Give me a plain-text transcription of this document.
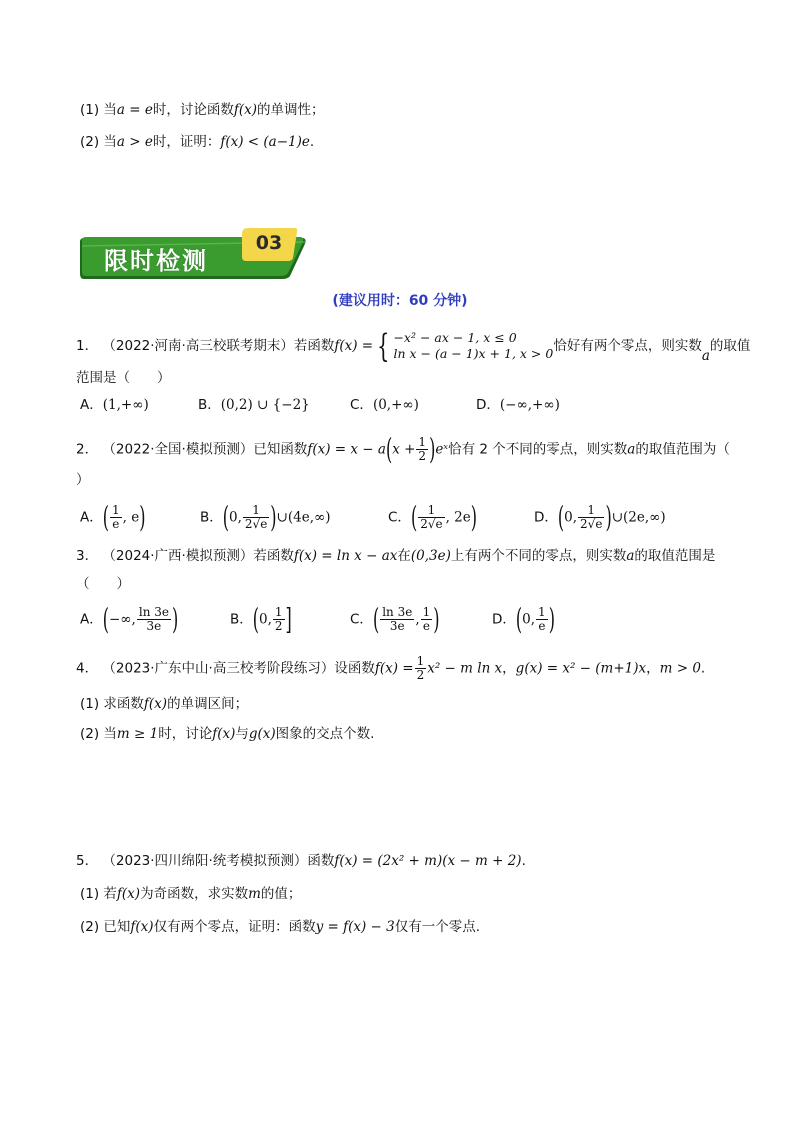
(1) 当a = e时，讨论函数f(x)的单调性；
(2) 当a > e时，证明：f(x) < (a−1)e.
限时检测
03
(建议用时：60 分钟)
1． （2022·河南·高三校联考期末）若函数f(x) = { −x² − ax − 1, x ≤ 0
ln x − (a − 1)x + 1, x > 0 恰好有两个零点，则实数a的取值
范围是（　　）
A．(1,+∞)	B．(0,2) ∪ {−2}	C．(0,+∞)	D．(−∞,+∞)
2． （2022·全国·模拟预测）已知函数$f(x) = x - a(x + \frac{1}{2}$ )eˣ恰有 2 个不同的零点，则实数a的取值范围为（
）
A．( $\frac{1}{e}$ , e)	B．(0, $\frac{1}{2√e}$ )∪(4e,∞)	C．( $\frac{1}{2√e}$ , 2e)	D．(0, $\frac{1}{2√e}$ )∪(2e,∞)
3． （2024·广西·模拟预测）若函数f(x) = ln x − ax在(0,3e)上有两个不同的零点，则实数a的取值范围是
（　　）
A．(−∞, $\frac{\ln 3e}{3e}$ )	B．(0, $\frac{1}{2}$ ]	C．( $\frac{\ln 3e}{3e}$ , $\frac{1}{e}$ )	D．(0, $\frac{1}{e}$ )
4． （2023·广东中山·高三校考阶段练习）设函数$f(x) = \frac{1}{2} x^2 - m$ ln x，g(x) = x² − (m+1)x，m > 0.
(1) 求函数f(x)的单调区间；
(2) 当m ≥ 1时，讨论f(x)与g(x)图象的交点个数.
5． （2023·四川绵阳·统考模拟预测）函数f(x) = (2x² + m)(x − m + 2).
(1) 若f(x)为奇函数，求实数m的值；
(2) 已知f(x)仅有两个零点，证明：函数y = f(x) − 3仅有一个零点.
